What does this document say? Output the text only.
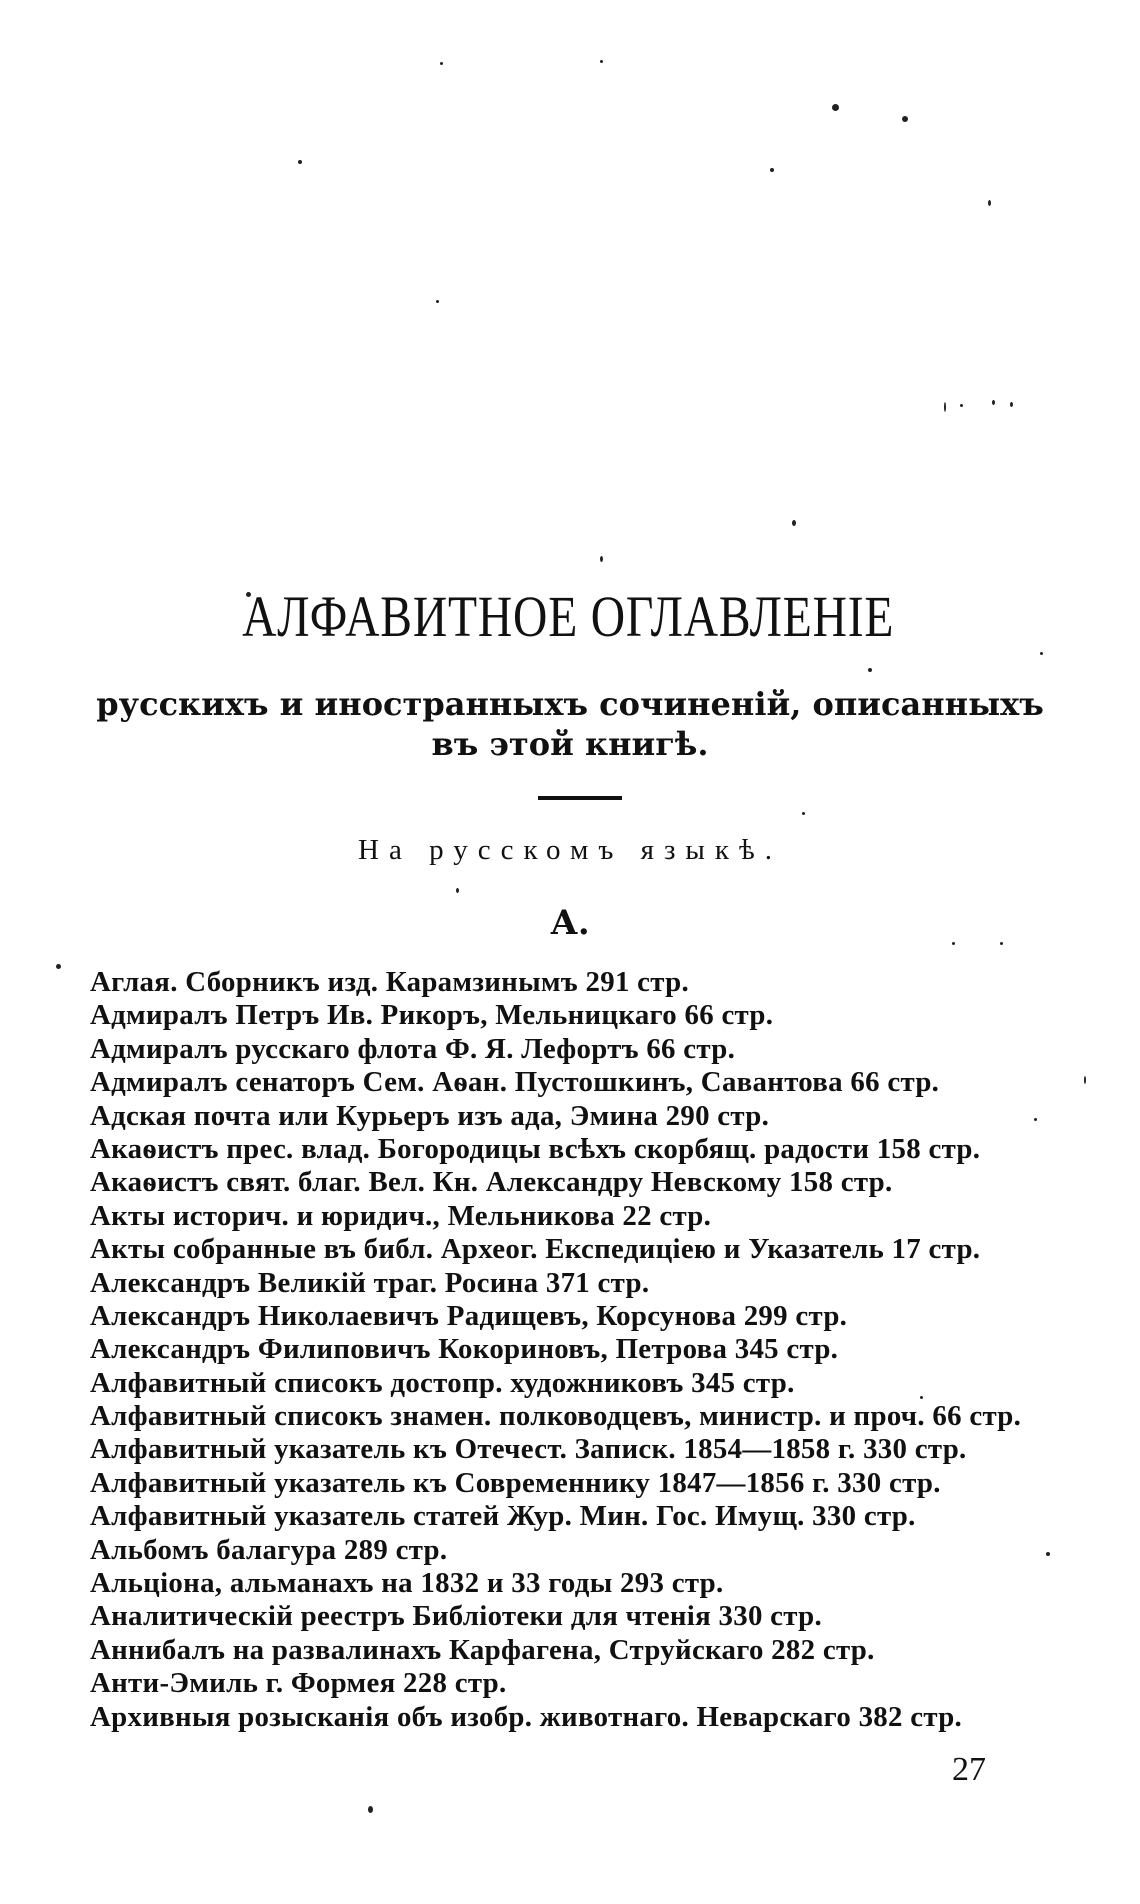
АЛФАВИТНОЕ ОГЛАВЛЕНІЕ
русскихъ и иностранныхъ сочиненій, описанныхъ
въ этой книгѣ.
На русскомъ языкѣ.
А.
Аглая. Сборникъ изд. Карамзинымъ 291 стр.
Адмиралъ Петръ Ив. Рикоръ, Мельницкаго 66 стр.
Адмиралъ русскаго флота Ф. Я. Лефортъ 66 стр.
Адмиралъ сенаторъ Сем. Аѳан. Пустошкинъ, Савантова 66 стр.
Адская почта или Курьеръ изъ ада, Эмина 290 стр.
Акаѳистъ прес. влад. Богородицы всѣхъ скорбящ. радости 158 стр.
Акаѳистъ свят. благ. Вел. Кн. Александру Невскому 158 стр.
Акты историч. и юридич., Мельникова 22 стр.
Акты собранные въ библ. Археог. Експедиціею и Указатель 17 стр.
Александръ Великій траг. Росина 371 стр.
Александръ Николаевичъ Радищевъ, Корсунова 299 стр.
Александръ Филиповичъ Кокориновъ, Петрова 345 стр.
Алфавитный списокъ достопр. художниковъ 345 стр.
Алфавитный списокъ знамен. полководцевъ, министр. и проч. 66 стр.
Алфавитный указатель къ Отечест. Записк. 1854—1858 г. 330 стр.
Алфавитный указатель къ Современнику 1847—1856 г. 330 стр.
Алфавитный указатель статей Жур. Мин. Гос. Имущ. 330 стр.
Альбомъ балагура 289 стр.
Альціона, альманахъ на 1832 и 33 годы 293 стр.
Аналитическій реестръ Библіотеки для чтенія 330 стр.
Аннибалъ на развалинахъ Карфагена, Струйскаго 282 стр.
Анти-Эмиль г. Формея 228 стр.
Архивныя розысканія объ изобр. животнаго. Неварскаго 382 стр.
27
